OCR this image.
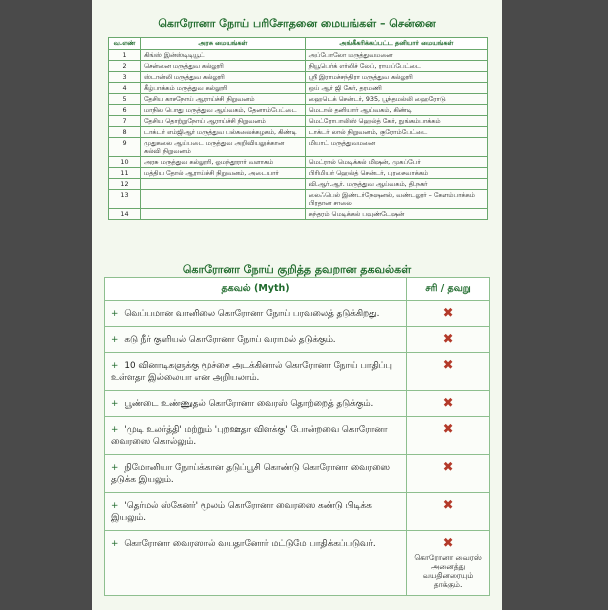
கொரோனா நோய் பரிசோதனை மையங்கள் – சென்னை
வ.எண்	அரசு மையங்கள்	அங்கீகரிக்கப்பட்ட தனியார் மையங்கள்
1	கிங்ஸ் இன்ஸ்டிடியூட்	அப்போலோ மருத்துவமனை
2	சென்னை மருத்துவ கல்லூரி	நியூபெர்க் எர்லிச் லேப், ராயப்பேட்டை
3	ஸ்டான்லி மருத்துவ கல்லூரி	ஸ்ரீ இராமச்சந்திரா மருத்துவ கல்லூரி
4	கீழ்பாக்கம் மருத்துவ கல்லூரி	ஒய் ஆர் ஜி கேர், தரமணி
5	தேசிய காசநோய் ஆராய்ச்சி நிறுவனம்	ஹைடெக் சென்டர், 935, பூந்தமல்லி ஹைரோடு
6	மாநில பொது மருத்துவ ஆய்வகம், தேனாம்பேட்டை	மெடால் தனியார் ஆய்வகம், கிண்டி
7	தேசிய தொற்றுநோய் ஆராய்ச்சி நிறுவனம்	மெட்ரோபாலிஸ் ஹெல்த் கேர், நுங்கம்பாக்கம்
8	டாக்டர் எம்ஜிஆர் மருத்துவ பல்கலைக்கழகம், கிண்டி	டாக்டர் லால் நிறுவனம், குரோம்பேட்டை
9	முதுகலை ஆய்படை மருத்துவ அறிவியலுக்கான கல்வி நிறுவனம்	மியாட் மருத்துவமனை
10	அரசு மருத்துவ கல்லூரி, ஓமந்தூரார் வளாகம்	மெட்ரால் மெடிக்கல் மிஷன், முகப்பேர்
11	மத்திய தோல் ஆராய்ச்சி நிறுவனம், அடையார்	பிரிமியர் ஹெல்த் சென்டர், புரசைவாக்கம்
12		வி.ஆர்.ஆர். மருத்துவ ஆய்வகம், தி.நகர்
13		லைஃபெல் இண்டர்நேஷனல், வண்டலூர் – கேளம்பாக்கம் பிரதான சாலை
14		சுந்தரம் மெடிக்கல் பவுண்டேஷன்
கொரோனா நோய் குறித்த தவறான தகவல்கள்
தகவல் (Myth)	சரி / தவறு
+ வெப்பமான வானிலை கொரோனா நோய் பரவலைத் தடுக்கிறது.	✖
+ கடு நீர் குளியல் கொரோனா நோய் வராமல் தடுக்கும்.	✖
+ 10 வினாடிகளுக்கு மூச்சை அடக்கினால் கொரோனா நோய் பாதிப்பு உள்ளதா இல்லையா என அறியலாம்.	✖
+ பூண்டை உண்ணுதல் கொரோனா வைரஸ் தொற்றைத் தடுக்கும்.	✖
+ 'முடி உலர்த்தி' மற்றும் 'புறஊதா விளக்கு' போன்றவை கொரோனா வைரஸை கொல்லும்.	✖
+ நிமோனியா நோய்க்கான தடுப்பூசி கொண்டு கொரோனா வைரஸை தடுக்க இயலும்.	✖
+ 'தெர்மல் ஸ்கேனர்' மூலம் கொரோனா வைரஸை கண்டு பிடிக்க இயலும்.	✖
+ கொரோனா வைரஸால் வயதானோர் மட்டுமே பாதிக்கப்படுவர்.	✖
கொரோனா வைரஸ் அனைத்து வயதினரையும் தாக்கும்.
